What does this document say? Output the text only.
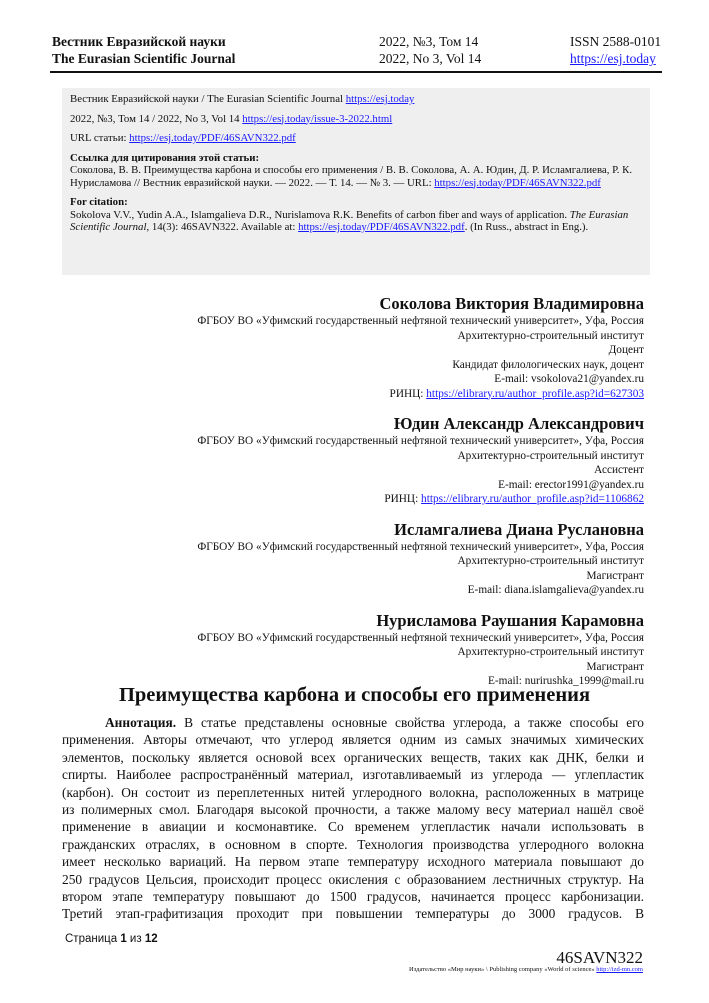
Вестник Евразийской науки
The Eurasian Scientific Journal
2022, №3, Том 14
2022, No 3, Vol 14
ISSN 2588-0101
https://esj.today

Вестник Евразийской науки / The Eurasian Scientific Journal https://esj.today

2022, №3, Том 14 / 2022, No 3, Vol 14 https://esj.today/issue-3-2022.html

URL статьи: https://esj.today/PDF/46SAVN322.pdf

Ссылка для цитирования этой статьи:
Соколова, В. В. Преимущества карбона и способы его применения / В. В. Соколова, А. А. Юдин, Д. Р. Исламгалиева, Р. К. Нурисламова // Вестник евразийской науки. — 2022. — Т. 14. — № 3. — URL: https://esj.today/PDF/46SAVN322.pdf

For citation:
Sokolova V.V., Yudin A.A., Islamgalieva D.R., Nurislamova R.K. Benefits of carbon fiber and ways of application. The Eurasian Scientific Journal, 14(3): 46SAVN322. Available at: https://esj.today/PDF/46SAVN322.pdf. (In Russ., abstract in Eng.).

Соколова Виктория Владимировна
ФГБОУ ВО «Уфимский государственный нефтяной технический университет», Уфа, Россия
Архитектурно-строительный институт
Доцент
Кандидат филологических наук, доцент
E-mail: vsokolova21@yandex.ru
РИНЦ: https://elibrary.ru/author_profile.asp?id=627303
Юдин Александр Александрович
ФГБОУ ВО «Уфимский государственный нефтяной технический университет», Уфа, Россия
Архитектурно-строительный институт
Ассистент
E-mail: erector1991@yandex.ru
РИНЦ: https://elibrary.ru/author_profile.asp?id=1106862
Исламгалиева Диана Руслановна
ФГБОУ ВО «Уфимский государственный нефтяной технический университет», Уфа, Россия
Архитектурно-строительный институт
Магистрант
E-mail: diana.islamgalieva@yandex.ru
Нурисламова Раушания Карамовна
ФГБОУ ВО «Уфимский государственный нефтяной технический университет», Уфа, Россия
Архитектурно-строительный институт
Магистрант
E-mail: nurirushka_1999@mail.ru
Преимущества карбона и способы его применения
Аннотация. В статье представлены основные свойства углерода, а также способы его
применения. Авторы отмечают, что углерод является одним из самых значимых химических
элементов, поскольку является основой всех органических веществ, таких как ДНК, белки и
спирты. Наиболее распространённый материал, изготавливаемый из углерода — углепластик
(карбон). Он состоит из переплетенных нитей углеродного волокна, расположенных в матрице
из полимерных смол. Благодаря высокой прочности, а также малому весу материал нашёл своё
применение в авиации и космонавтике. Со временем углепластик начали использовать в
гражданских отраслях, в основном в спорте. Технология производства углеродного волокна
имеет несколько вариаций. На первом этапе температуру исходного материала повышают до
250 градусов Цельсия, происходит процесс окисления с образованием лестничных структур. На
втором этапе температуру повышают до 1500 градусов, начинается процесс карбонизации.
Третий этап-графитизация проходит при повышении температуры до 3000 градусов. В
Страница 1 из 12
46SAVN322
Издательство «Мир науки» \ Publishing company «World of science» http://izd-mn.com
